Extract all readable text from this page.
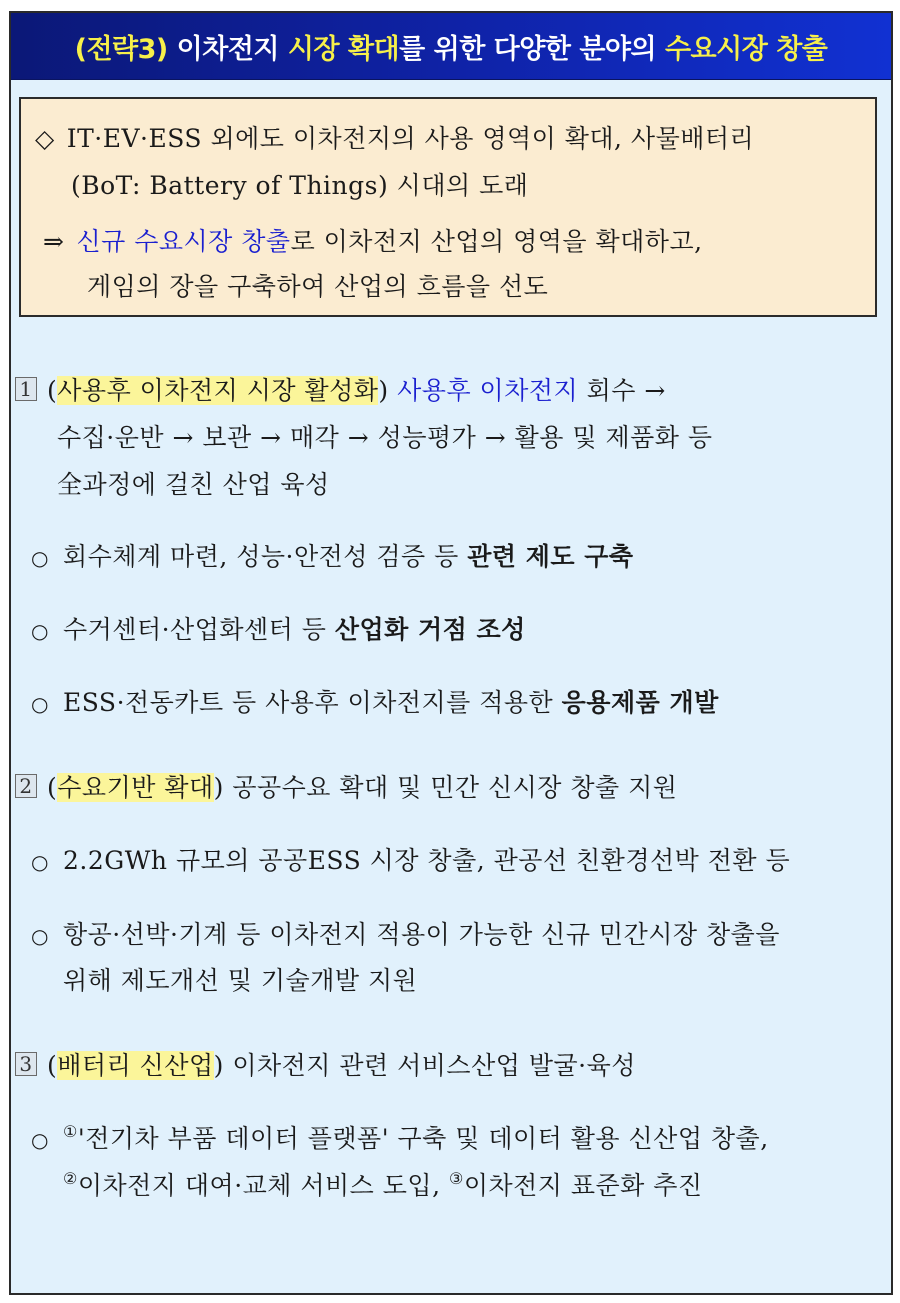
(전략3) 이차전지 시장 확대를 위한 다양한 분야의 수요시장 창출
◇ IT·EV·ESS 외에도 이차전지의 사용 영역이 확대, 사물배터리
(BoT: Battery of Things) 시대의 도래
⇒ 신규 수요시장 창출로 이차전지 산업의 영역을 확대하고,
게임의 장을 구축하여 산업의 흐름을 선도
1 (사용후 이차전지 시장 활성화) 사용후 이차전지 회수 →
수집·운반 → 보관 → 매각 → 성능평가 → 활용 및 제품화 등
全과정에 걸친 산업 육성
○ 회수체계 마련, 성능·안전성 검증 등 관련 제도 구축
○ 수거센터·산업화센터 등 산업화 거점 조성
○ ESS·전동카트 등 사용후 이차전지를 적용한 응용제품 개발
2 (수요기반 확대) 공공수요 확대 및 민간 신시장 창출 지원
○ 2.2GWh 규모의 공공ESS 시장 창출, 관공선 친환경선박 전환 등
○ 항공·선박·기계 등 이차전지 적용이 가능한 신규 민간시장 창출을
위해 제도개선 및 기술개발 지원
3 (배터리 신산업) 이차전지 관련 서비스산업 발굴·육성
○ ①'전기차 부품 데이터 플랫폼' 구축 및 데이터 활용 신산업 창출,
②이차전지 대여·교체 서비스 도입, ③이차전지 표준화 추진
